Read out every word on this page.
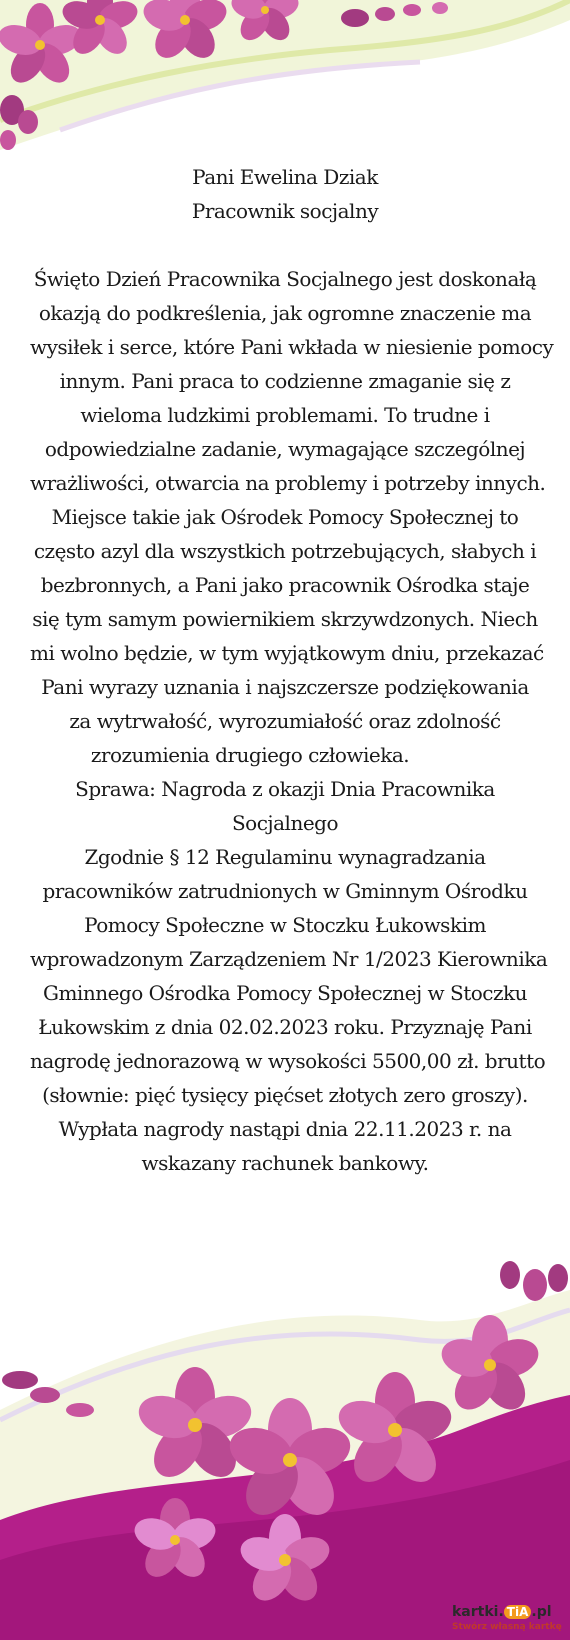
Pani Ewelina Dziak
Pracownik socjalny
Święto Dzień Pracownika Socjalnego jest doskonałą
okazją do podkreślenia, jak ogromne znaczenie ma
wysiłek i serce, które Pani wkłada w niesienie pomocy
innym. Pani praca to codzienne zmaganie się z
wieloma ludzkimi problemami. To trudne i
odpowiedzialne zadanie, wymagające szczególnej
wrażliwości, otwarcia na problemy i potrzeby innych.
Miejsce takie jak Ośrodek Pomocy Społecznej to
często azyl dla wszystkich potrzebujących, słabych i
bezbronnych, a Pani jako pracownik Ośrodka staje
się tym samym powiernikiem skrzywdzonych. Niech
mi wolno będzie, w tym wyjątkowym dniu, przekazać
Pani wyrazy uznania i najszczersze podziękowania
za wytrwałość, wyrozumiałość oraz zdolność
zrozumienia drugiego człowieka.
Sprawa: Nagroda z okazji Dnia Pracownika
Socjalnego
Zgodnie § 12 Regulaminu wynagradzania
pracowników zatrudnionych w Gminnym Ośrodku
Pomocy Społeczne w Stoczku Łukowskim
wprowadzonym Zarządzeniem Nr 1/2023 Kierownika
Gminnego Ośrodka Pomocy Społecznej w Stoczku
Łukowskim z dnia 02.02.2023 roku. Przyznaję Pani
nagrodę jednorazową w wysokości 5500,00 zł. brutto
(słownie: pięć tysięcy pięćset złotych zero groszy).
Wypłata nagrody nastąpi dnia 22.11.2023 r. na
wskazany rachunek bankowy.
kartki. TiA .pl
Stwórz własną kartkę
